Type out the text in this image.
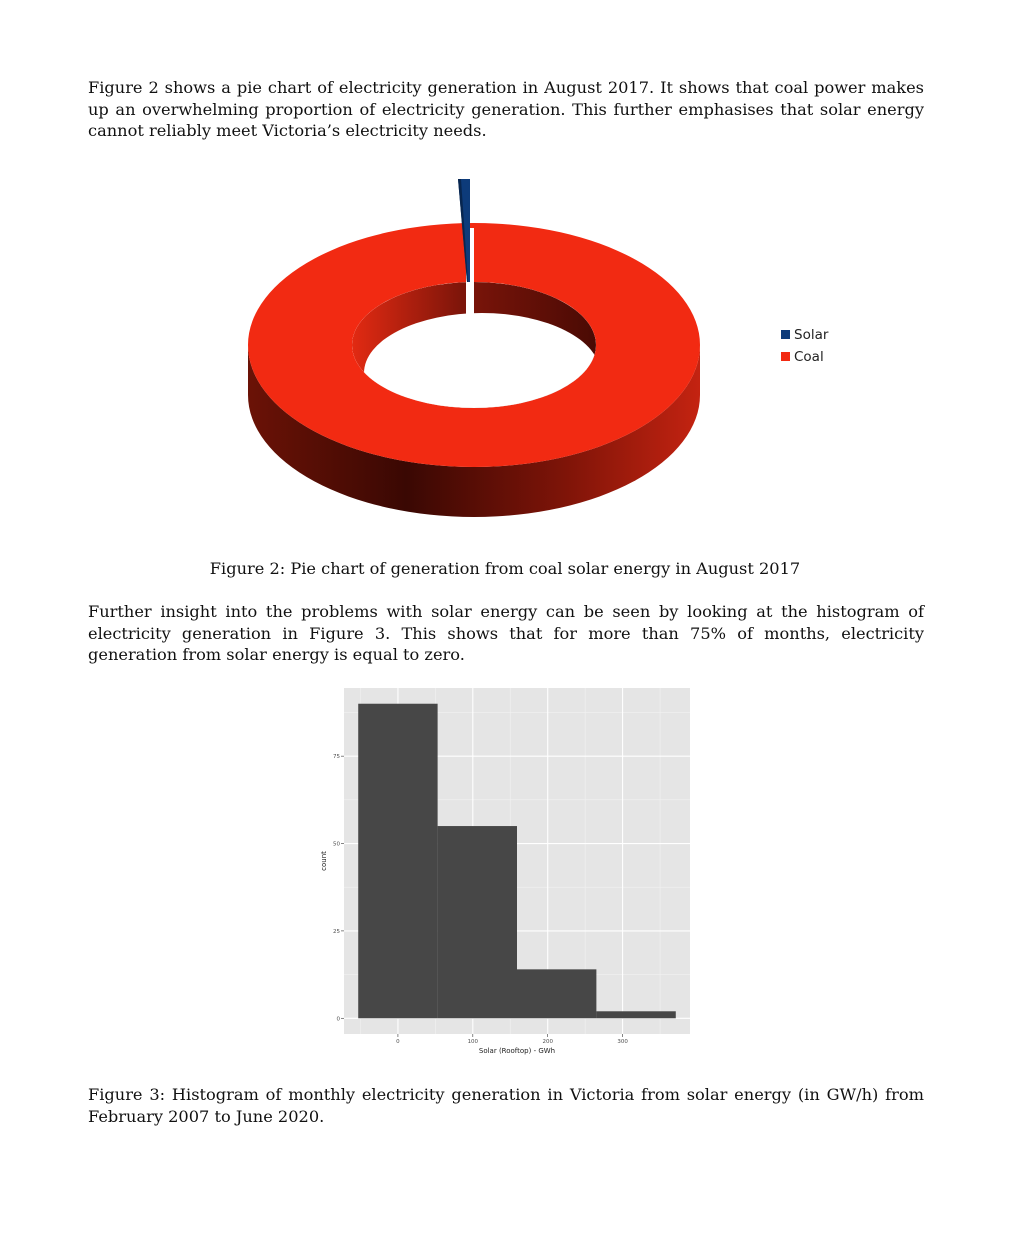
Figure 2 shows a pie chart of electricity generation in August 2017. It shows that coal power makes up an overwhelming proportion of electricity generation. This further emphasises that solar energy cannot reliably meet Victoria’s electricity needs.

Solar
Coal

Figure 2: Pie chart of generation from coal solar energy in August 2017

Further insight into the problems with solar energy can be seen by looking at the histogram of electricity generation in Figure 3. This shows that for more than 75% of months, electricity generation from solar energy is equal to zero.

0
25
50
75
0	100	200	300
Solar (Rooftop) - GWh
count

Figure 3: Histogram of monthly electricity generation in Victoria from solar energy (in GW/h) from February 2007 to June 2020.
